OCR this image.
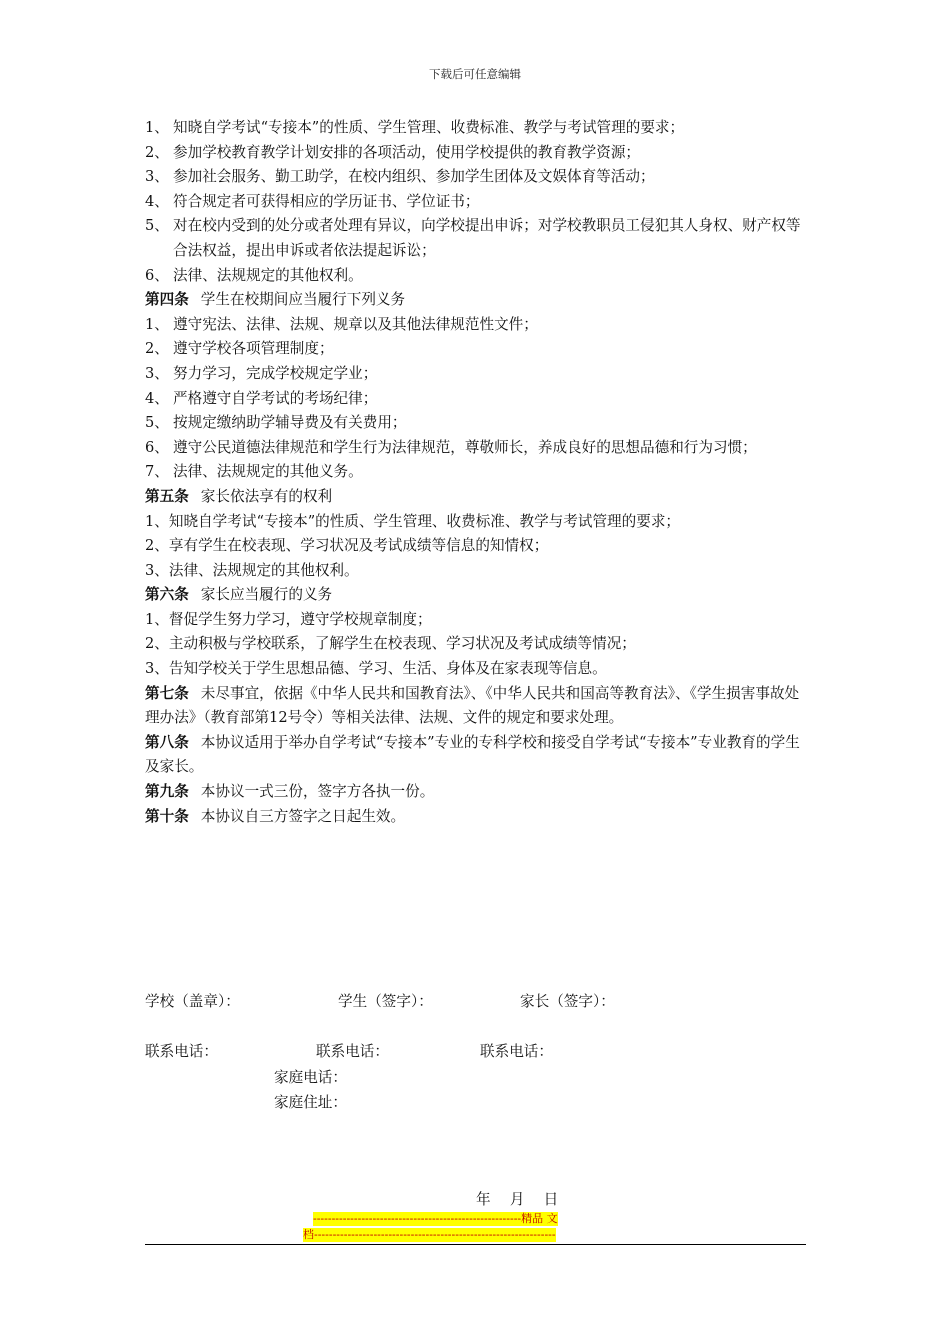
下载后可任意编辑
1、 知晓自学考试“专接本”的性质、学生管理、收费标准、教学与考试管理的要求；
2、 参加学校教育教学计划安排的各项活动，使用学校提供的教育教学资源；
3、 参加社会服务、勤工助学，在校内组织、参加学生团体及文娱体育等活动；
4、 符合规定者可获得相应的学历证书、学位证书；
5、 对在校内受到的处分或者处理有异议，向学校提出申诉；对学校教职员工侵犯其人身权、财产权等合法权益，提出申诉或者依法提起诉讼；
6、 法律、法规规定的其他权利。
第四条 学生在校期间应当履行下列义务
1、 遵守宪法、法律、法规、规章以及其他法律规范性文件；
2、 遵守学校各项管理制度；
3、 努力学习，完成学校规定学业；
4、 严格遵守自学考试的考场纪律；
5、 按规定缴纳助学辅导费及有关费用；
6、 遵守公民道德法律规范和学生行为法律规范，尊敬师长，养成良好的思想品德和行为习惯；
7、 法律、法规规定的其他义务。
第五条 家长依法享有的权利
1、知晓自学考试“专接本”的性质、学生管理、收费标准、教学与考试管理的要求；
2、享有学生在校表现、学习状况及考试成绩等信息的知情权；
3、法律、法规规定的其他权利。
第六条 家长应当履行的义务
1、督促学生努力学习，遵守学校规章制度；
2、主动积极与学校联系，了解学生在校表现、学习状况及考试成绩等情况；
3、告知学校关于学生思想品德、学习、生活、身体及在家表现等信息。
第七条 未尽事宜，依据《中华人民共和国教育法》、《中华人民共和国高等教育法》、《学生损害事故处理办法》（教育部第12号令）等相关法律、法规、文件的规定和要求处理。
第八条 本协议适用于举办自学考试“专接本”专业的专科学校和接受自学考试“专接本”专业教育的学生及家长。
第九条 本协议一式三份，签字方各执一份。
第十条 本协议自三方签字之日起生效。
学校（盖章）：	学生（签字）：	家长（签字）：
联系电话：	联系电话：	联系电话：
家庭电话：
家庭住址：
年　 月　 日
--------------------------------------------------------精品 文
档-----------------------------------------------------------------
